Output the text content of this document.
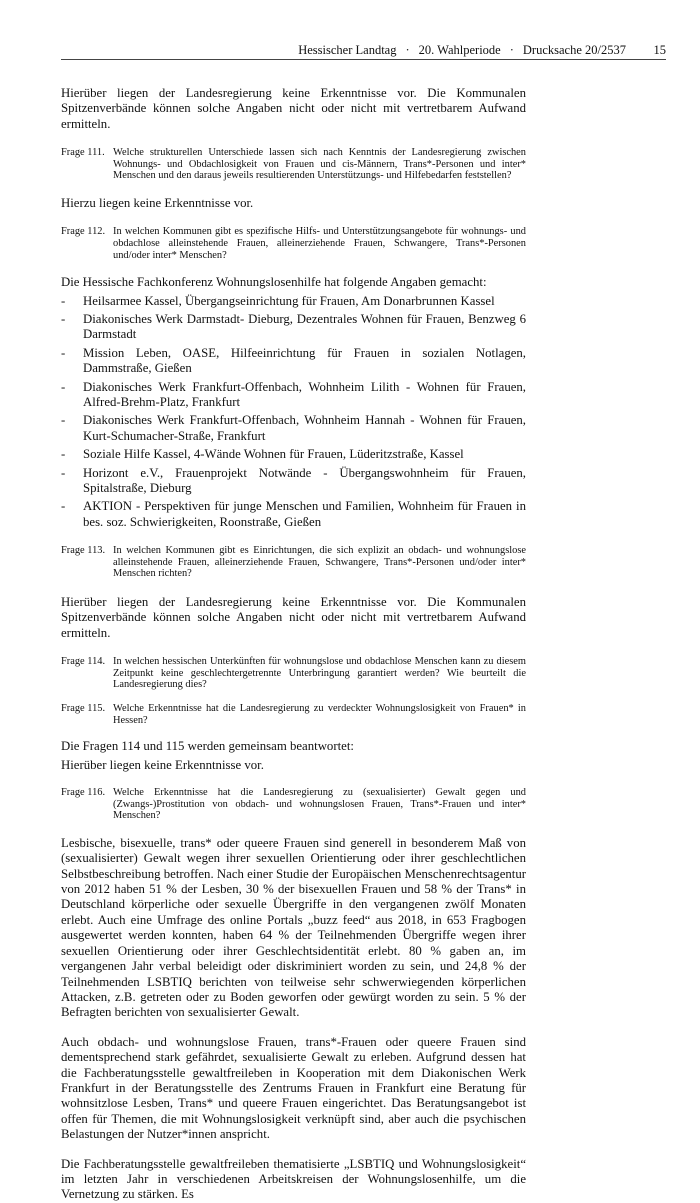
Hessischer Landtag · 20. Wahlperiode · Drucksache 20/2537 15

Hierüber liegen der Landesregierung keine Erkenntnisse vor. Die Kommunalen Spitzenverbände können solche Angaben nicht oder nicht mit vertretbarem Aufwand ermitteln.

Frage 111. Welche strukturellen Unterschiede lassen sich nach Kenntnis der Landesregierung zwischen Wohnungs- und Obdachlosigkeit von Frauen und cis-Männern, Trans*-Personen und inter* Menschen und den daraus jeweils resultierenden Unterstützungs- und Hilfebedarfen feststellen?

Hierzu liegen keine Erkenntnisse vor.

Frage 112. In welchen Kommunen gibt es spezifische Hilfs- und Unterstützungsangebote für wohnungs- und obdachlose alleinstehende Frauen, alleinerziehende Frauen, Schwangere, Trans*-Personen und/oder inter* Menschen?

Die Hessische Fachkonferenz Wohnungslosenhilfe hat folgende Angaben gemacht:

- Heilsarmee Kassel, Übergangseinrichtung für Frauen, Am Donarbrunnen Kassel
- Diakonisches Werk Darmstadt- Dieburg, Dezentrales Wohnen für Frauen, Benzweg 6 Darmstadt
- Mission Leben, OASE, Hilfeeinrichtung für Frauen in sozialen Notlagen, Dammstraße, Gießen
- Diakonisches Werk Frankfurt-Offenbach, Wohnheim Lilith - Wohnen für Frauen, Alfred-Brehm-Platz, Frankfurt
- Diakonisches Werk Frankfurt-Offenbach, Wohnheim Hannah - Wohnen für Frauen, Kurt-Schumacher-Straße, Frankfurt
- Soziale Hilfe Kassel, 4-Wände Wohnen für Frauen, Lüderitzstraße, Kassel
- Horizont e.V., Frauenprojekt Notwände - Übergangswohnheim für Frauen, Spitalstraße, Dieburg
- AKTION - Perspektiven für junge Menschen und Familien, Wohnheim für Frauen in bes. soz. Schwierigkeiten, Roonstraße, Gießen
Frage 113. In welchen Kommunen gibt es Einrichtungen, die sich explizit an obdach- und wohnungslose alleinstehende Frauen, alleinerziehende Frauen, Schwangere, Trans*-Personen und/oder inter* Menschen richten?

Hierüber liegen der Landesregierung keine Erkenntnisse vor. Die Kommunalen Spitzenverbände können solche Angaben nicht oder nicht mit vertretbarem Aufwand ermitteln.

Frage 114. In welchen hessischen Unterkünften für wohnungslose und obdachlose Menschen kann zu diesem Zeitpunkt keine geschlechtergetrennte Unterbringung garantiert werden? Wie beurteilt die Landesregierung dies?
Frage 115. Welche Erkenntnisse hat die Landesregierung zu verdeckter Wohnungslosigkeit von Frauen* in Hessen?

Die Fragen 114 und 115 werden gemeinsam beantwortet:

Hierüber liegen keine Erkenntnisse vor.

Frage 116. Welche Erkenntnisse hat die Landesregierung zu (sexualisierter) Gewalt gegen und (Zwangs-)Prostitution von obdach- und wohnungslosen Frauen, Trans*-Frauen und inter* Menschen?

Lesbische, bisexuelle, trans* oder queere Frauen sind generell in besonderem Maß von (sexualisierter) Gewalt wegen ihrer sexuellen Orientierung oder ihrer geschlechtlichen Selbstbeschreibung betroffen. Nach einer Studie der Europäischen Menschenrechtsagentur von 2012 haben 51 % der Lesben, 30 % der bisexuellen Frauen und 58 % der Trans* in Deutschland körperliche oder sexuelle Übergriffe in den vergangenen zwölf Monaten erlebt. Auch eine Umfrage des online Portals „buzz feed“ aus 2018, in 653 Fragbogen ausgewertet werden konnten, haben 64 % der Teilnehmenden Übergriffe wegen ihrer sexuellen Orientierung oder ihrer Geschlechtsidentität erlebt. 80 % gaben an, im vergangenen Jahr verbal beleidigt oder diskriminiert worden zu sein, und 24,8 % der Teilnehmenden LSBTIQ berichten von teilweise sehr schwerwiegenden körperlichen Attacken, z.B. getreten oder zu Boden geworfen oder gewürgt worden zu sein. 5 % der Befragten berichten von sexualisierter Gewalt.

Auch obdach- und wohnungslose Frauen, trans*-Frauen oder queere Frauen sind dementsprechend stark gefährdet, sexualisierte Gewalt zu erleben. Aufgrund dessen hat die Fachberatungsstelle gewaltfreileben in Kooperation mit dem Diakonischen Werk Frankfurt in der Beratungsstelle des Zentrums Frauen in Frankfurt eine Beratung für wohnsitzlose Lesben, Trans* und queere Frauen eingerichtet. Das Beratungsangebot ist offen für Themen, die mit Wohnungslosigkeit verknüpft sind, aber auch die psychischen Belastungen der Nutzer*innen anspricht.

Die Fachberatungsstelle gewaltfreileben thematisierte „LSBTIQ und Wohnungslosigkeit“ im letzten Jahr in verschiedenen Arbeitskreisen der Wohnungslosenhilfe, um die Vernetzung zu stärken. Es
